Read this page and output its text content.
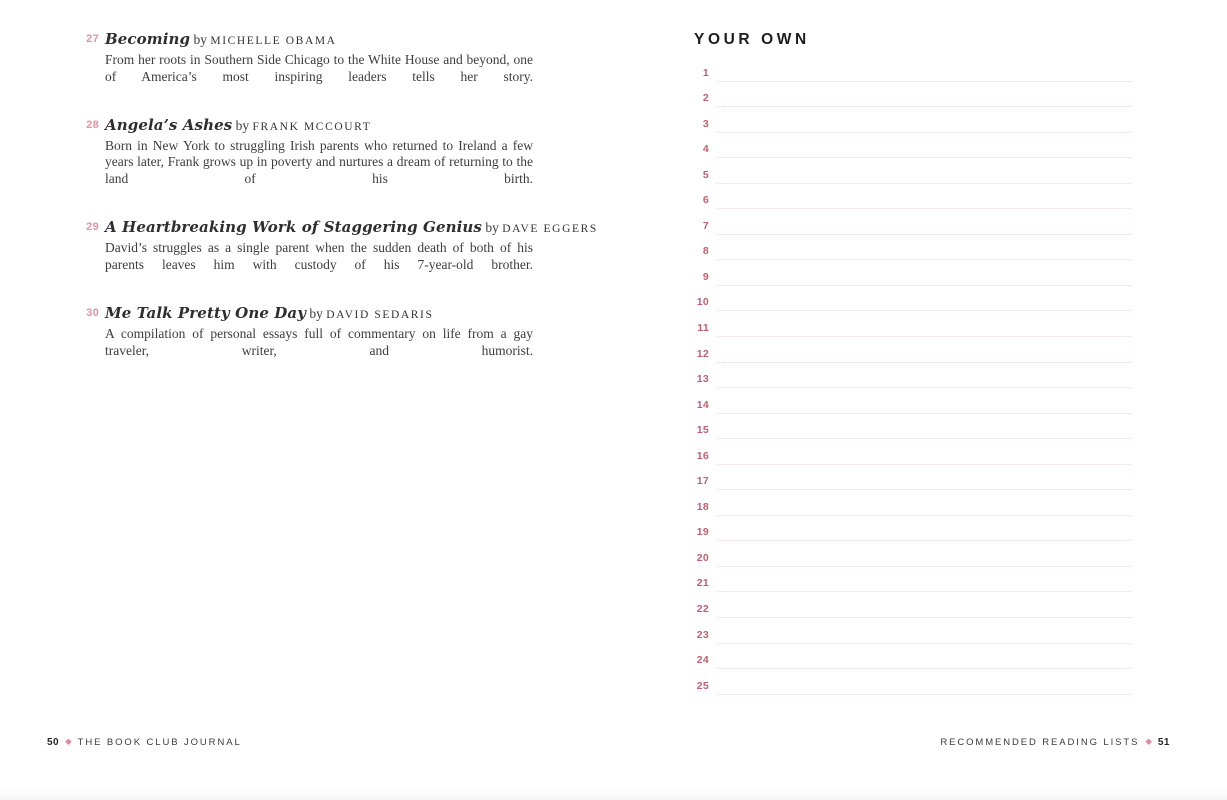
27 Becoming by MICHELLE OBAMA
From her roots in Southern Side Chicago to the White House and beyond, one of America’s most inspiring leaders tells her story.
28 Angela’s Ashes by FRANK MCCOURT
Born in New York to struggling Irish parents who returned to Ireland a few years later, Frank grows up in poverty and nurtures a dream of returning to the land of his birth.
29 A Heartbreaking Work of Staggering Genius by DAVE EGGERS
David’s struggles as a single parent when the sudden death of both of his parents leaves him with custody of his 7-year-old brother.
30 Me Talk Pretty One Day by DAVID SEDARIS
A compilation of personal essays full of commentary on life from a gay traveler, writer, and humorist.
YOUR OWN
1
2
3
4
5
6
7
8
9
10
11
12
13
14
15
16
17
18
19
20
21
22
23
24
25
50 ◆ THE BOOK CLUB JOURNAL	RECOMMENDED READING LISTS ◆ 51
